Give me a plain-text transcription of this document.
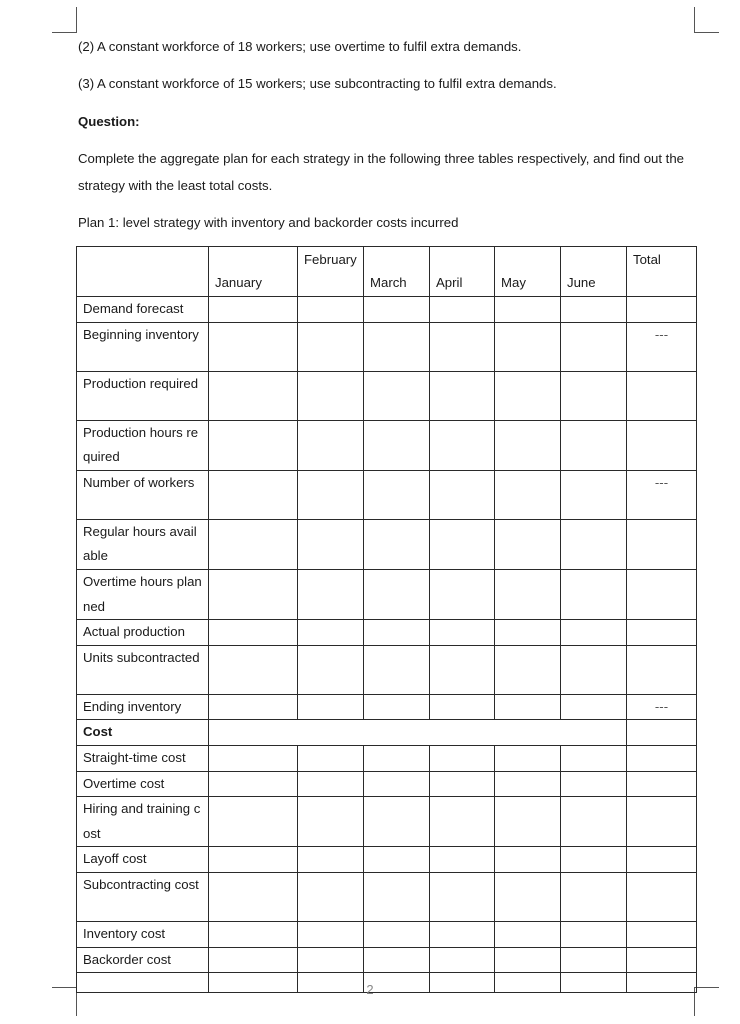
(2) A constant workforce of 18 workers; use overtime to fulfil extra demands.

(3) A constant workforce of 15 workers; use subcontracting to fulfil extra demands.

Question:

Complete the aggregate plan for each strategy in the following three tables respectively, and find out the strategy with the least total costs.

Plan 1: level strategy with inventory and backorder costs incurred

	January	February	March	April	May	June	Total
Demand forecast							
Beginning inventory							---
Production required							
Production hours required							
Number of workers							---
Regular hours available							
Overtime hours planned							
Actual production							
Units subcontracted							
Ending inventory							---
Cost							
Straight-time cost							
Overtime cost							
Hiring and training cost							
Layoff cost							
Subcontracting cost							
Inventory cost							
Backorder cost							

2
